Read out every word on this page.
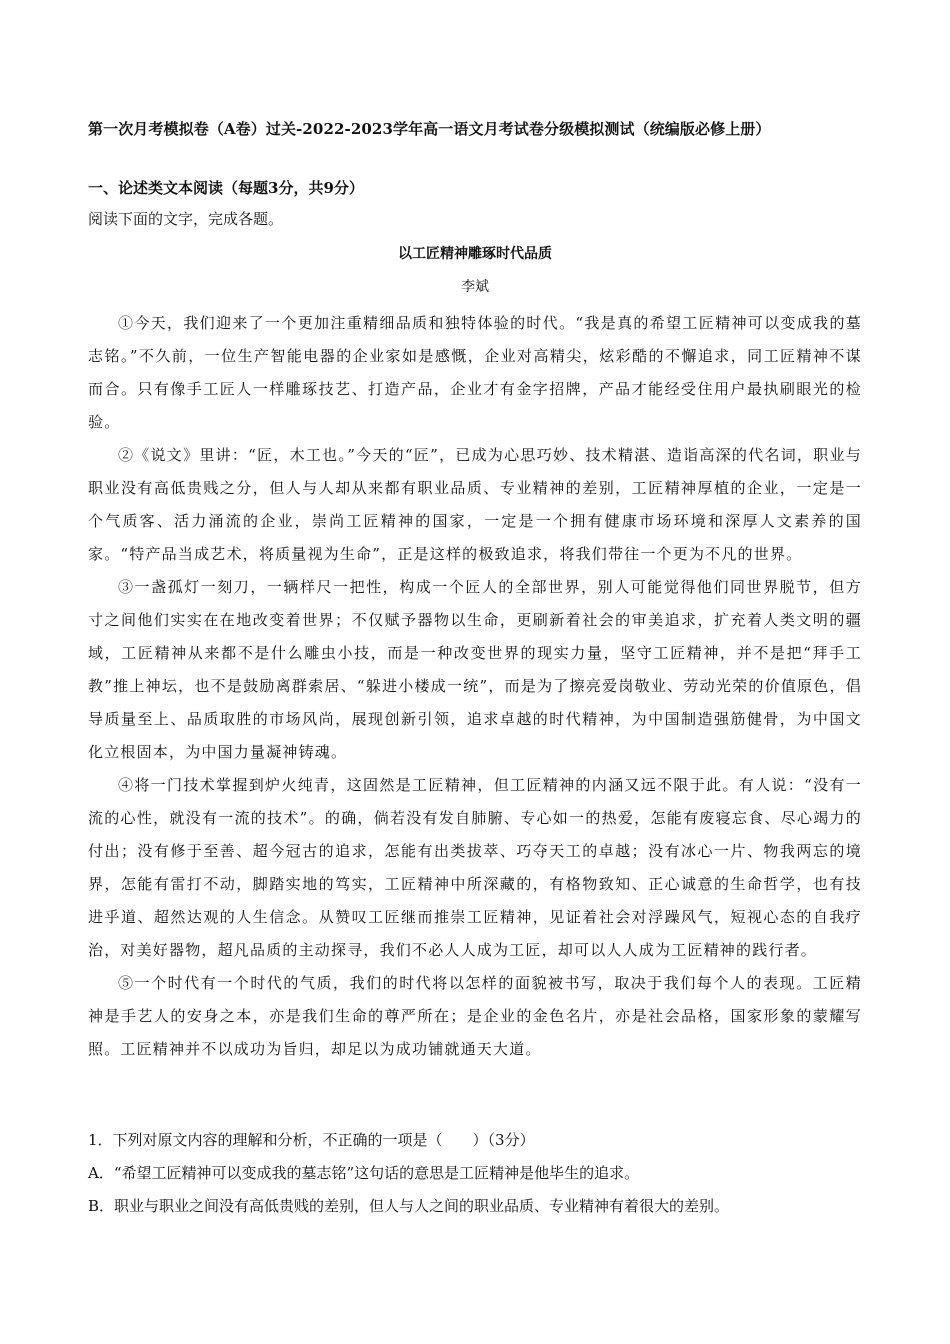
第一次月考模拟卷（A卷）过关-2022-2023学年高一语文月考试卷分级模拟测试（统编版必修上册）
一、论述类文本阅读（每题3分，共9分）
阅读下面的文字，完成各题。
以工匠精神雕琢时代品质
李斌

①今天，我们迎来了一个更加注重精细品质和独特体验的时代。“我是真的希望工匠精神可以变成我的墓志铭。”不久前，一位生产智能电器的企业家如是感慨，企业对高精尖，炫彩酷的不懈追求，同工匠精神不谋而合。只有像手工匠人一样雕琢技艺、打造产品，企业才有金字招牌，产品才能经受住用户最执刷眼光的检验。

②《说文》里讲：“匠，木工也。”今天的“匠”，已成为心思巧妙、技术精湛、造诣高深的代名词，职业与职业没有高低贵贱之分，但人与人却从来都有职业品质、专业精神的差别，工匠精神厚植的企业，一定是一个气质客、活力涌流的企业，崇尚工匠精神的国家，一定是一个拥有健康市场环境和深厚人文素养的国家。“特产品当成艺术，将质量视为生命”，正是这样的极致追求，将我们带往一个更为不凡的世界。

③一盏孤灯一刻刀，一辆样尺一把性，构成一个匠人的全部世界，别人可能觉得他们同世界脱节，但方寸之间他们实实在在地改变着世界；不仅赋予器物以生命，更刷新着社会的审美追求，扩充着人类文明的疆域，工匠精神从来都不是什么雕虫小技，而是一种改变世界的现实力量，坚守工匠精神，并不是把“拜手工教”推上神坛，也不是鼓励离群索居、“躲进小楼成一统”，而是为了擦亮爱岗敬业、劳动光荣的价值原色，倡导质量至上、品质取胜的市场风尚，展现创新引领，追求卓越的时代精神，为中国制造强筋健骨，为中国文化立根固本，为中国力量凝神铸魂。

④将一门技术掌握到炉火纯青，这固然是工匠精神，但工匠精神的内涵又远不限于此。有人说：“没有一流的心性，就没有一流的技术”。的确，倘若没有发自肺腑、专心如一的热爱，怎能有废寝忘食、尽心竭力的付出；没有修于至善、超今冠古的追求，怎能有出类拔萃、巧夺天工的卓越；没有冰心一片、物我两忘的境界，怎能有雷打不动，脚踏实地的笃实，工匠精神中所深藏的，有格物致知、正心诚意的生命哲学，也有技进乎道、超然达观的人生信念。从赞叹工匠继而推崇工匠精神，见证着社会对浮躁风气，短视心态的自我疗治，对美好器物，超凡品质的主动探寻，我们不必人人成为工匠，却可以人人成为工匠精神的践行者。

⑤一个时代有一个时代的气质，我们的时代将以怎样的面貌被书写，取决于我们每个人的表现。工匠精神是手艺人的安身之本，亦是我们生命的尊严所在；是企业的金色名片，亦是社会品格，国家形象的蒙耀写照。工匠精神并不以成功为旨归，却足以为成功铺就通天大道。

1．下列对原文内容的理解和分析，不正确的一项是（　　）（3分）

A．“希望工匠精神可以变成我的墓志铭”这句话的意思是工匠精神是他毕生的追求。

B．职业与职业之间没有高低贵贱的差别，但人与人之间的职业品质、专业精神有着很大的差别。
